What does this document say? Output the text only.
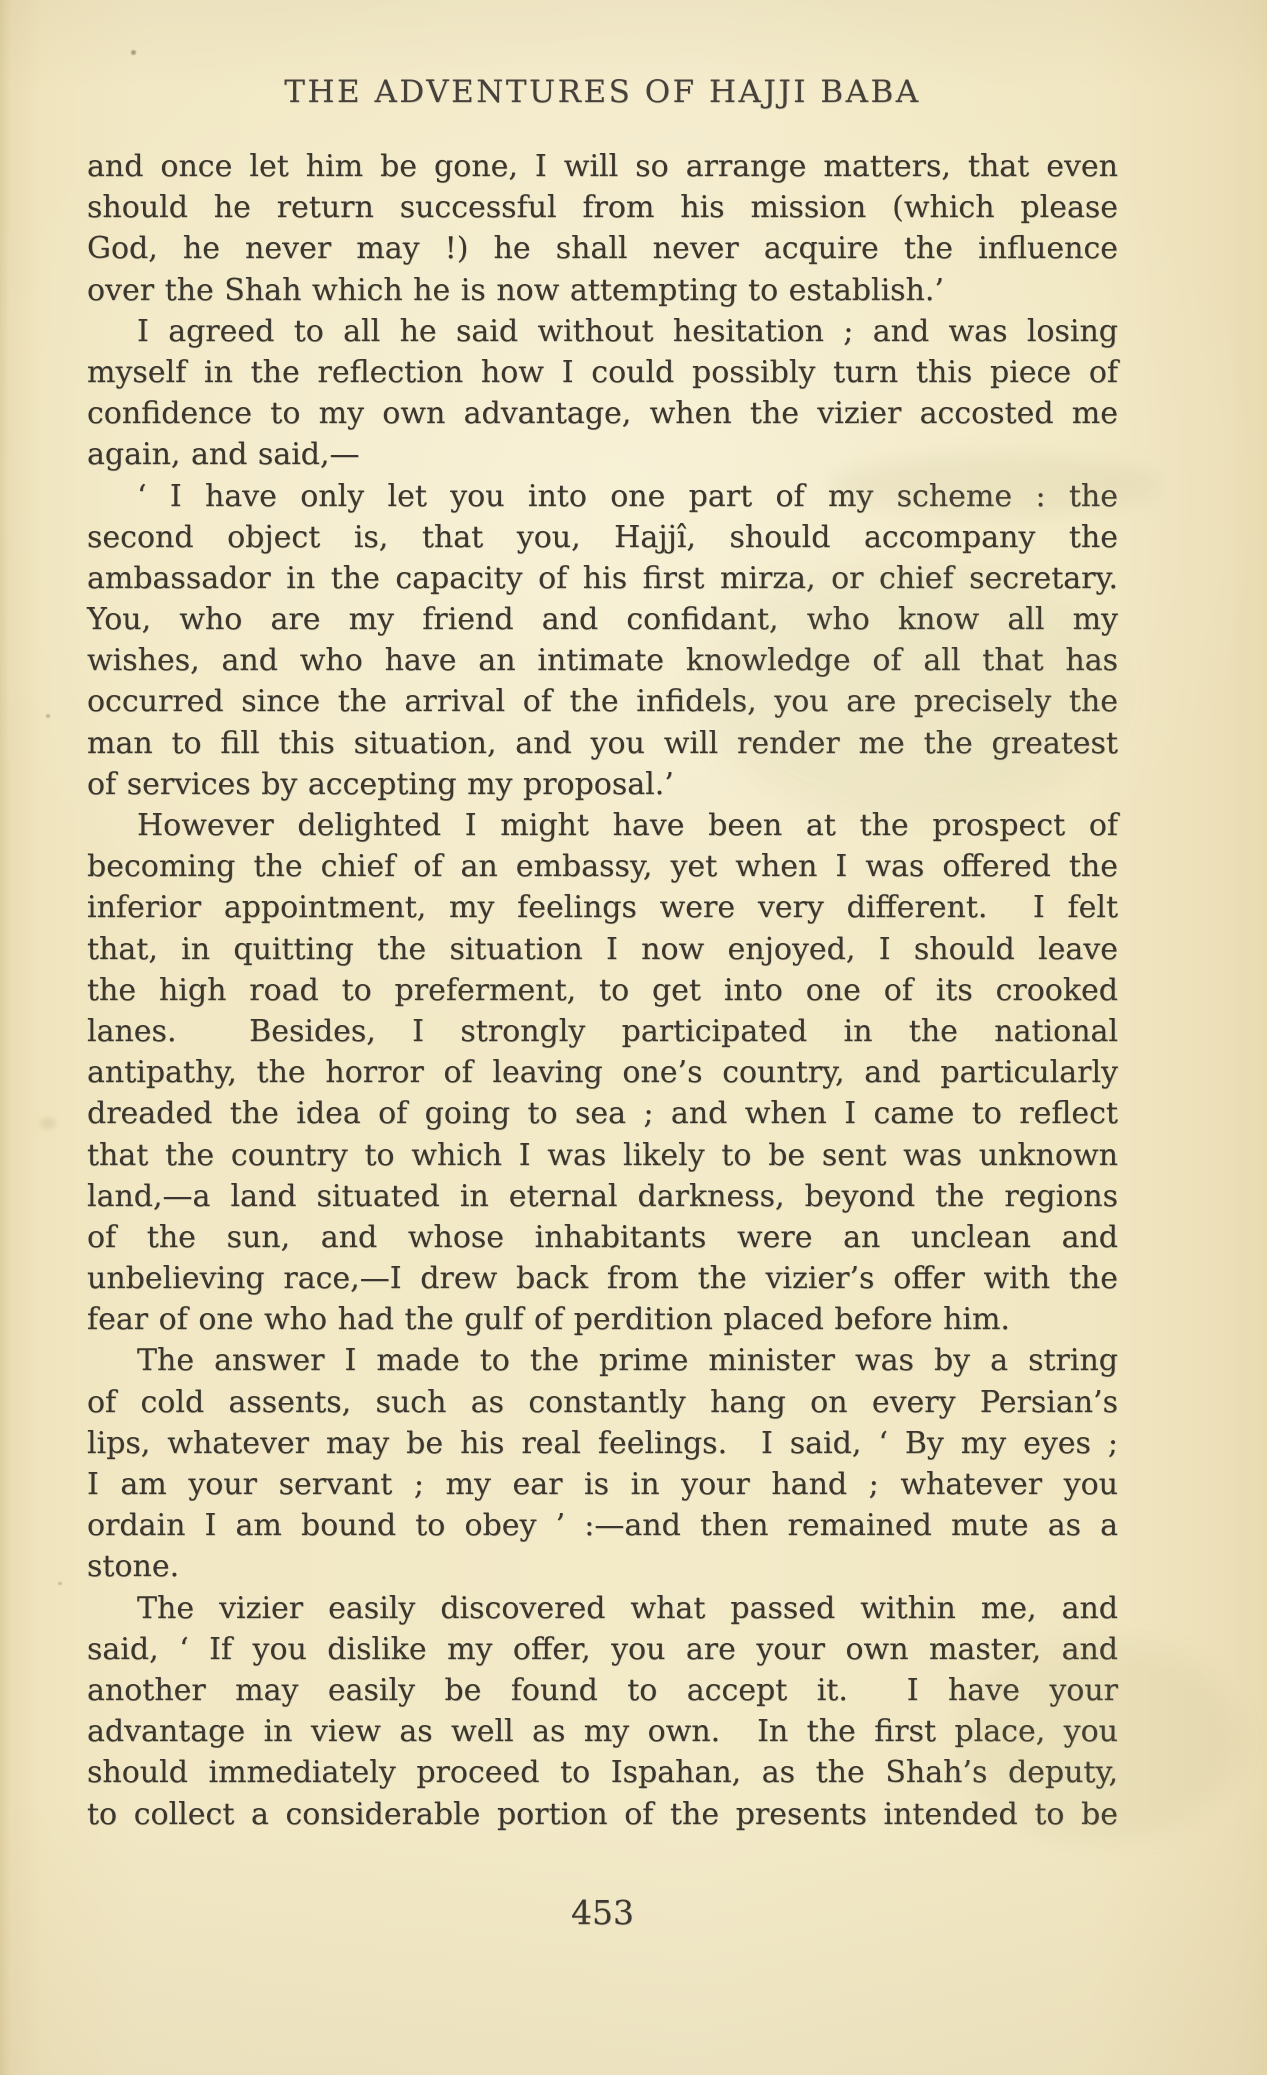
THE ADVENTURES OF HAJJI BABA
and once let him be gone, I will so arrange matters, that even
should he return successful from his mission (which please
God, he never may !) he shall never acquire the influence
over the Shah which he is now attempting to establish.’
I agreed to all he said without hesitation ; and was losing
myself in the reflection how I could possibly turn this piece of
confidence to my own advantage, when the vizier accosted me
again, and said,—
‘ I have only let you into one part of my scheme : the
second object is, that you, Hajjî, should accompany the
ambassador in the capacity of his first mirza, or chief secretary.
You, who are my friend and confidant, who know all my
wishes, and who have an intimate knowledge of all that has
occurred since the arrival of the infidels, you are precisely the
man to fill this situation, and you will render me the greatest
of services by accepting my proposal.’
However delighted I might have been at the prospect of
becoming the chief of an embassy, yet when I was offered the
inferior appointment, my feelings were very different.  I felt
that, in quitting the situation I now enjoyed, I should leave
the high road to preferment, to get into one of its crooked
lanes.  Besides, I strongly participated in the national
antipathy, the horror of leaving one’s country, and particularly
dreaded the idea of going to sea ; and when I came to reflect
that the country to which I was likely to be sent was unknown
land,—a land situated in eternal darkness, beyond the regions
of the sun, and whose inhabitants were an unclean and
unbelieving race,—I drew back from the vizier’s offer with the
fear of one who had the gulf of perdition placed before him.
The answer I made to the prime minister was by a string
of cold assents, such as constantly hang on every Persian’s
lips, whatever may be his real feelings.  I said, ‘ By my eyes ;
I am your servant ; my ear is in your hand ; whatever you
ordain I am bound to obey ’ :—and then remained mute as a
stone.
The vizier easily discovered what passed within me, and
said, ‘ If you dislike my offer, you are your own master, and
another may easily be found to accept it.  I have your
advantage in view as well as my own.  In the first place, you
should immediately proceed to Ispahan, as the Shah’s deputy,
to collect a considerable portion of the presents intended to be
453
